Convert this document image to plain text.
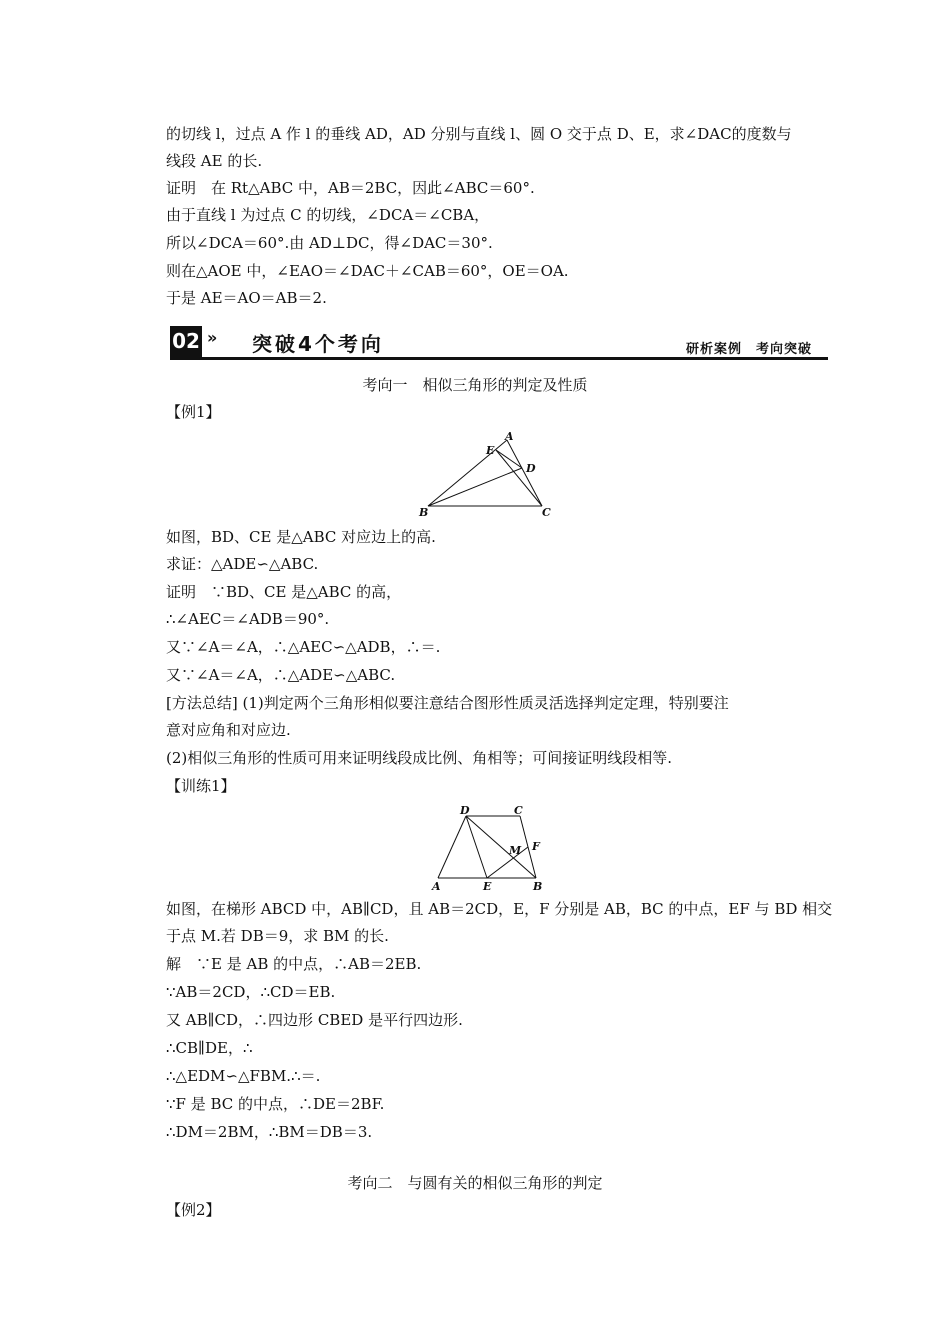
的切线 l，过点 A 作 l 的垂线 AD，AD 分别与直线 l、圆 O 交于点 D、E，求∠DAC的度数与
线段 AE 的长.
证明　在 Rt△ABC 中，AB＝2BC，因此∠ABC＝60°.
由于直线 l 为过点 C 的切线，∠DCA＝∠CBA，
所以∠DCA＝60°.由 AD⊥DC，得∠DAC＝30°.
则在△AOE 中，∠EAO＝∠DAC＋∠CAB＝60°，OE＝OA.
于是 AE＝AO＝AB＝2.
02 » 突破4个考向	研析案例　考向突破
考向一　相似三角形的判定及性质
【例1】
A
B	C
D
E
如图，BD、CE 是△ABC 对应边上的高.
求证：△ADE∽△ABC.
证明　∵BD、CE 是△ABC 的高，
∴∠AEC＝∠ADB＝90°.
又∵∠A＝∠A，∴△AEC∽△ADB，∴＝.
又∵∠A＝∠A，∴△ADE∽△ABC.
[方法总结] (1)判定两个三角形相似要注意结合图形性质灵活选择判定定理，特别要注
意对应角和对应边.
(2)相似三角形的性质可用来证明线段成比例、角相等；可间接证明线段相等.
【训练1】
D	C
A	E	B
F
M
如图，在梯形 ABCD 中，AB∥CD，且 AB＝2CD，E，F 分别是 AB，BC 的中点，EF 与 BD 相交
于点 M.若 DB＝9，求 BM 的长.
解　∵E 是 AB 的中点，∴AB＝2EB.
∵AB＝2CD，∴CD＝EB.
又 AB∥CD，∴四边形 CBED 是平行四边形.
∴CB∥DE，∴
∴△EDM∽△FBM.∴＝.
∵F 是 BC 的中点，∴DE＝2BF.
∴DM＝2BM，∴BM＝DB＝3.
考向二　与圆有关的相似三角形的判定
【例2】
